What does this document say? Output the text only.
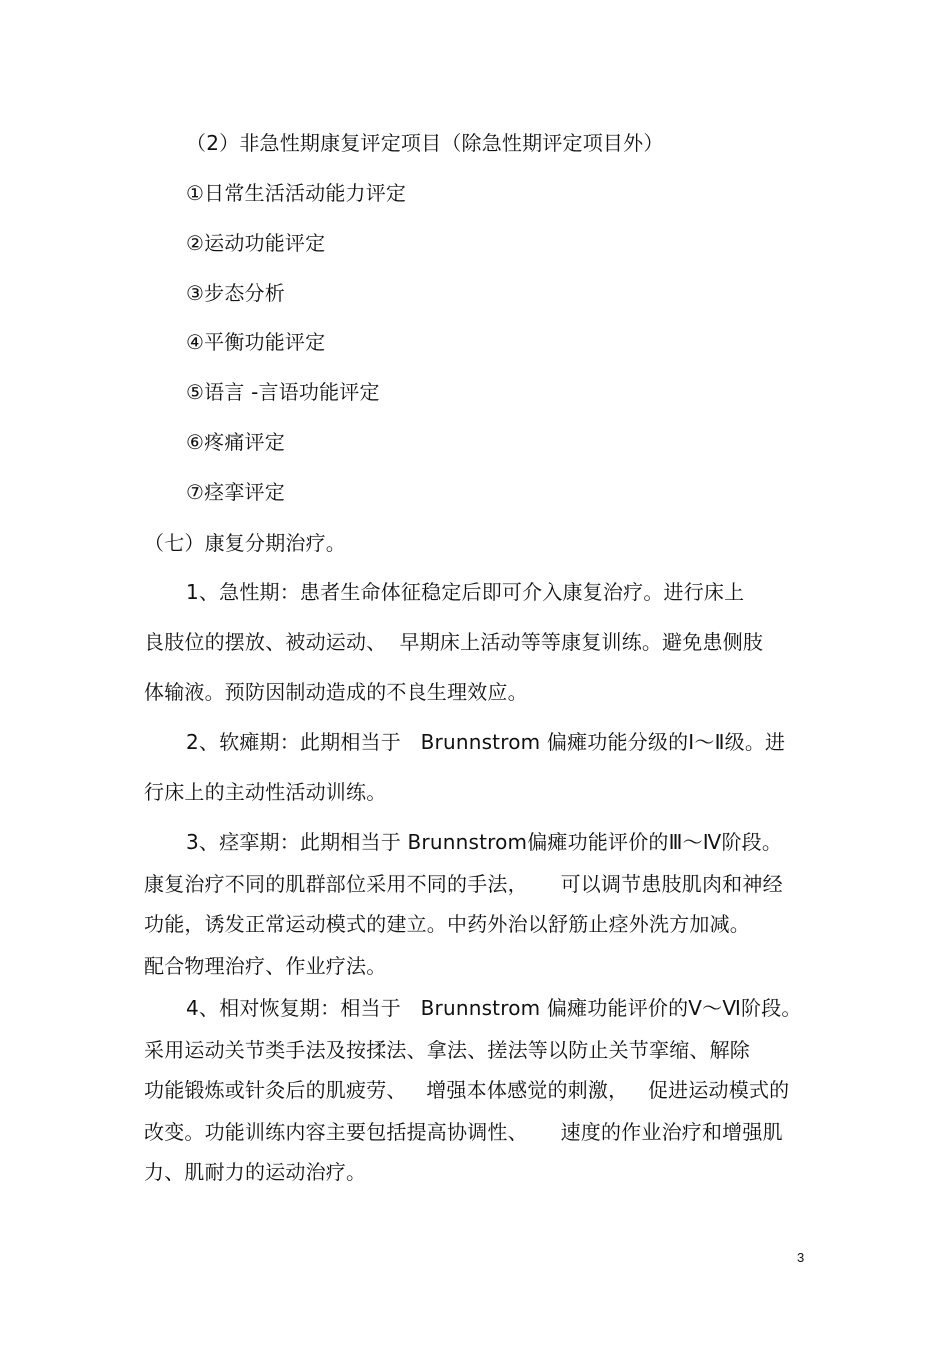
（2）非急性期康复评定项目（除急性期评定项目外）
①日常生活活动能力评定
②运动功能评定
③步态分析
④平衡功能评定
⑤语言 -言语功能评定
⑥疼痛评定
⑦痉挛评定
（七）康复分期治疗。
1、急性期：患者生命体征稳定后即可介入康复治疗。进行床上
良肢位的摆放、被动运动、  早期床上活动等等康复训练。避免患侧肢
体输液。预防因制动造成的不良生理效应。
2、软瘫期：此期相当于   Brunnstrom 偏瘫功能分级的Ⅰ～Ⅱ级。进
行床上的主动性活动训练。
3、痉挛期：此期相当于 Brunnstrom偏瘫功能评价的Ⅲ～Ⅳ阶段。
康复治疗不同的肌群部位采用不同的手法，     可以调节患肢肌肉和神经
功能，诱发正常运动模式的建立。中药外治以舒筋止痉外洗方加减。
配合物理治疗、作业疗法。
4、相对恢复期：相当于   Brunnstrom 偏瘫功能评价的Ⅴ～Ⅵ阶段。
采用运动关节类手法及按揉法、拿法、搓法等以防止关节挛缩、解除
功能锻炼或针灸后的肌疲劳、   增强本体感觉的刺激，   促进运动模式的
改变。功能训练内容主要包括提高协调性、     速度的作业治疗和增强肌
力、肌耐力的运动治疗。
3
